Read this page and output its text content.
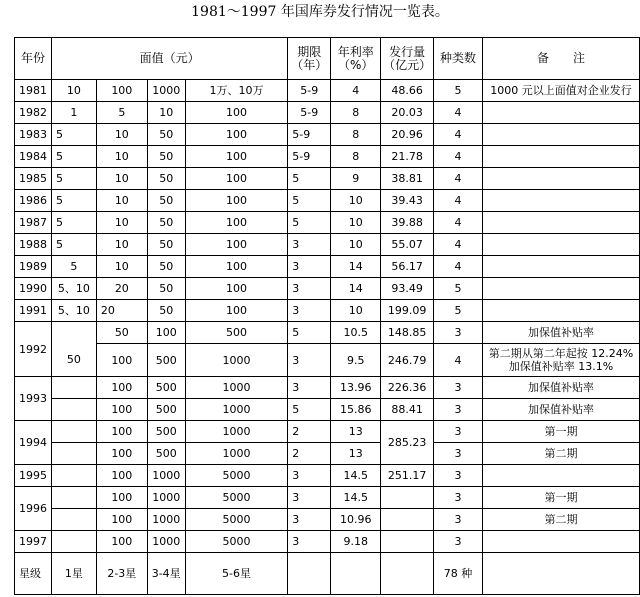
1981～1997 年国库券发行情况一览表。
年份	面值（元）				期限（年）	年利率（%）	发行量（亿元）	种类数	备　　注
1981	10	100	1000	1万、10万	5-9	4	48.66	5	1000 元以上面值对企业发行
1982	1	5	10	100	5-9	8	20.03	4	
1983	5	10	50	100	5-9	8	20.96	4	
1984	5	10	50	100	5-9	8	21.78	4	
1985	5	10	50	100	5	9	38.81	4	
1986	5	10	50	100	5	10	39.43	4	
1987	5	10	50	100	5	10	39.88	4	
1988	5	10	50	100	3	10	55.07	4	
1989	5	10	50	100	3	14	56.17	4	
1990	5、10	20	50	100	3	14	93.49	5	
1991	5、10	20	50	100	3	10	199.09	5	
1992		50	100	500	5	10.5	148.85	3	加保值补贴率
	50	100	500	1000	3	9.5	246.79	4	第二期从第二年起按 12.24%
加保值补贴率 13.1%

1993		100	500	1000	3	13.96	226.36	3	加保值补贴率
		100	500	1000	5	15.86	88.41	3	加保值补贴率
1994		100	500	1000	2	13	285.23	3	第一期
		100	500	1000	2	13		3	第二期
1995		100	1000	5000	3	14.5	251.17	3	
1996		100	1000	5000	3	14.5		3	第一期
		100	1000	5000	3	10.96		3	第二期
1997		100	1000	5000	3	9.18		3	
星级	1星	2-3星	3-4星	5-6星				78 种	
